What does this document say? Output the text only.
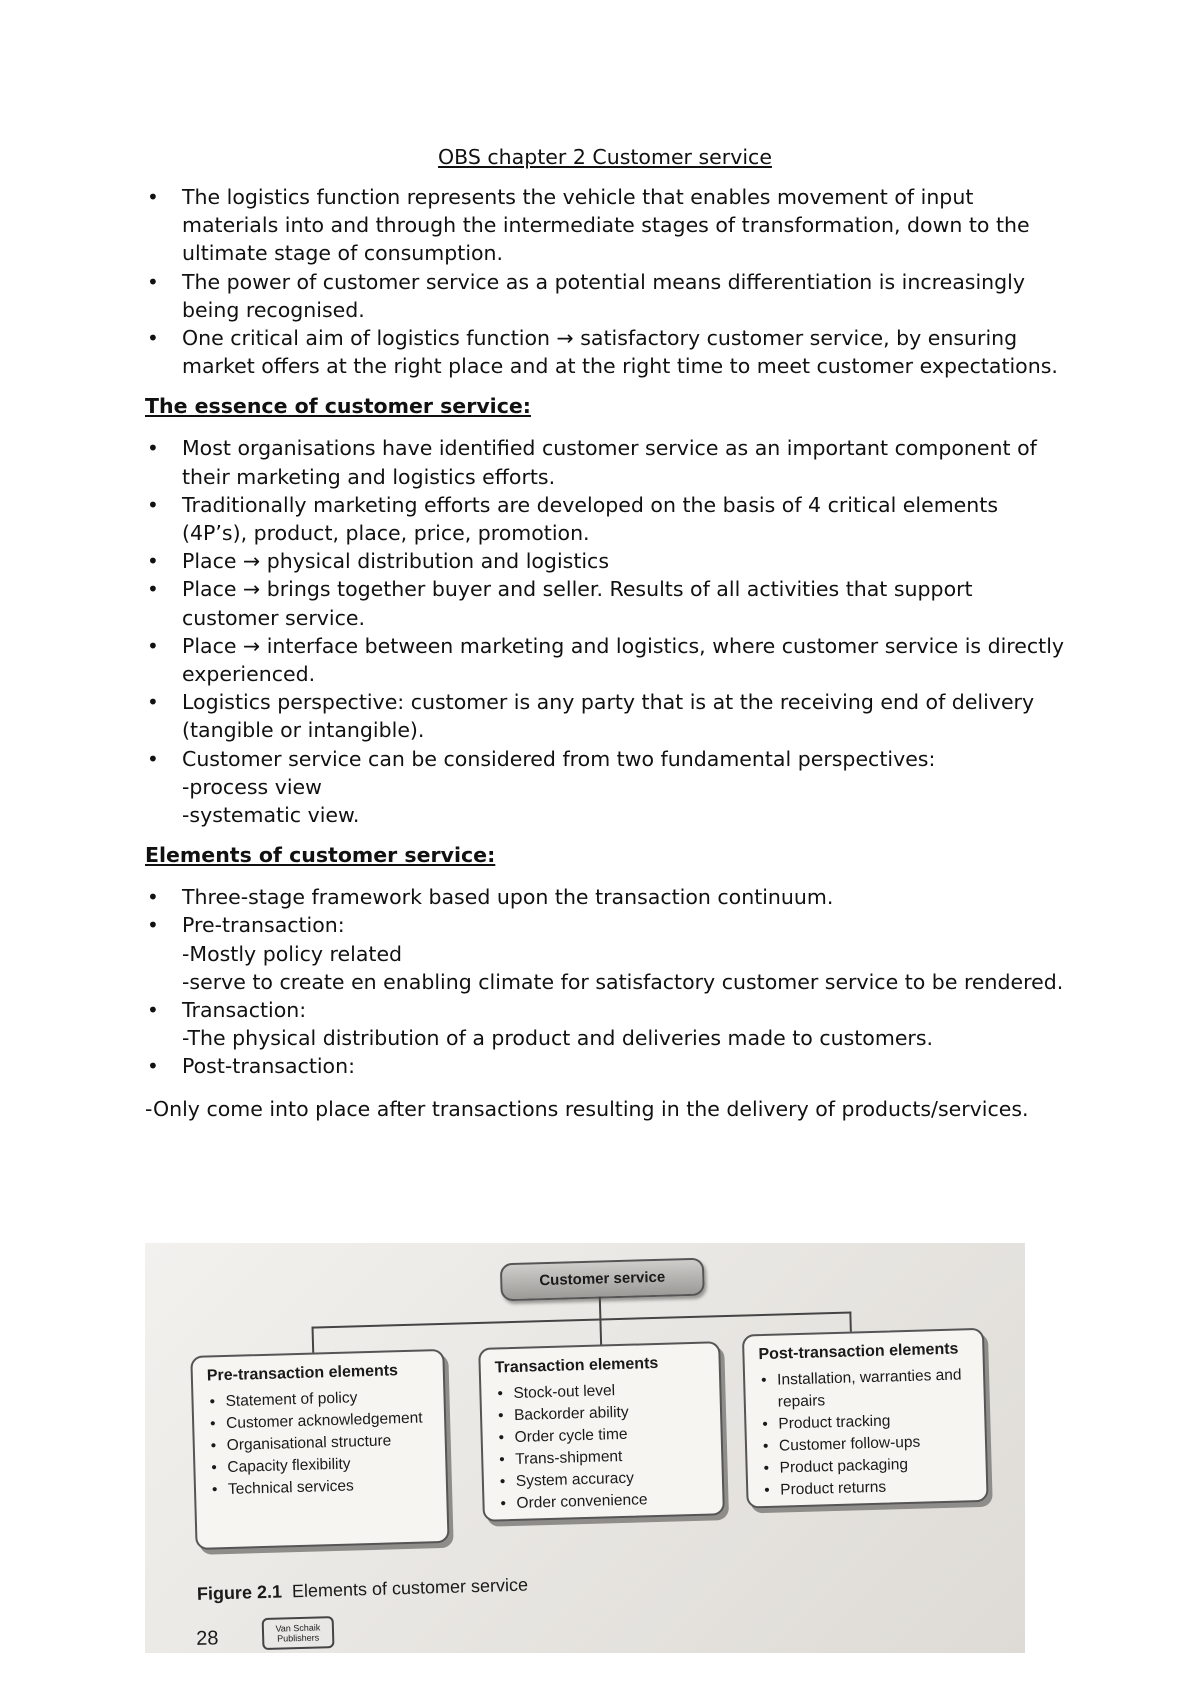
OBS chapter 2 Customer service
• The logistics function represents the vehicle that enables movement of input materials into and through the intermediate stages of transformation, down to the ultimate stage of consumption.
• The power of customer service as a potential means differentiation is increasingly being recognised.
• One critical aim of logistics function → satisfactory customer service, by ensuring market offers at the right place and at the right time to meet customer expectations.
The essence of customer service:
• Most organisations have identified customer service as an important component of their marketing and logistics efforts.
• Traditionally marketing efforts are developed on the basis of 4 critical elements (4P’s), product, place, price, promotion.
• Place → physical distribution and logistics
• Place → brings together buyer and seller. Results of all activities that support customer service.
• Place → interface between marketing and logistics, where customer service is directly experienced.
• Logistics perspective: customer is any party that is at the receiving end of delivery (tangible or intangible).
• Customer service can be considered from two fundamental perspectives:
-process view
-systematic view.
Elements of customer service:
• Three-stage framework based upon the transaction continuum.
• Pre-transaction:
-Mostly policy related
-serve to create en enabling climate for satisfactory customer service to be rendered.
• Transaction:
-The physical distribution of a product and deliveries made to customers.
• Post-transaction:

-Only come into place after transactions resulting in the delivery of products/services.

Customer service
Pre-transaction elements
• Statement of policy
• Customer acknowledgement
• Organisational structure
• Capacity flexibility
• Technical services
Transaction elements
• Stock-out level
• Backorder ability
• Order cycle time
• Trans-shipment
• System accuracy
• Order convenience
Post-transaction elements
• Installation, warranties and repairs
• Product tracking
• Customer follow-ups
• Product packaging
• Product returns
Figure 2.1 Elements of customer service
28	Van Schaik Publishers
